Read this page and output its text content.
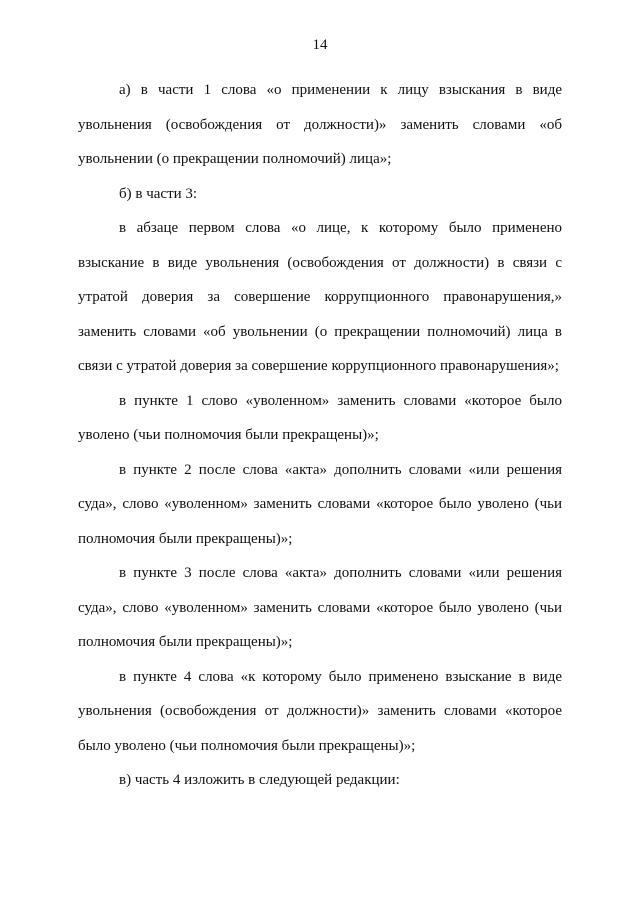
14

а) в части 1 слова «о применении к лицу взыскания в виде увольнения (освобождения от должности)» заменить словами «об увольнении (о прекращении полномочий) лица»;

б) в части 3:

в абзаце первом слова «о лице, к которому было применено взыскание в виде увольнения (освобождения от должности) в связи с утратой доверия за совершение коррупционного правонарушения,» заменить словами «об увольнении (о прекращении полномочий) лица в связи с утратой доверия за совершение коррупционного правонарушения»;

в пункте 1 слово «уволенном» заменить словами «которое было уволено (чьи полномочия были прекращены)»;

в пункте 2 после слова «акта» дополнить словами «или решения суда», слово «уволенном» заменить словами «которое было уволено (чьи полномочия были прекращены)»;

в пункте 3 после слова «акта» дополнить словами «или решения суда», слово «уволенном» заменить словами «которое было уволено (чьи полномочия были прекращены)»;

в пункте 4 слова «к которому было применено взыскание в виде увольнения (освобождения от должности)» заменить словами «которое было уволено (чьи полномочия были прекращены)»;

в) часть 4 изложить в следующей редакции:
